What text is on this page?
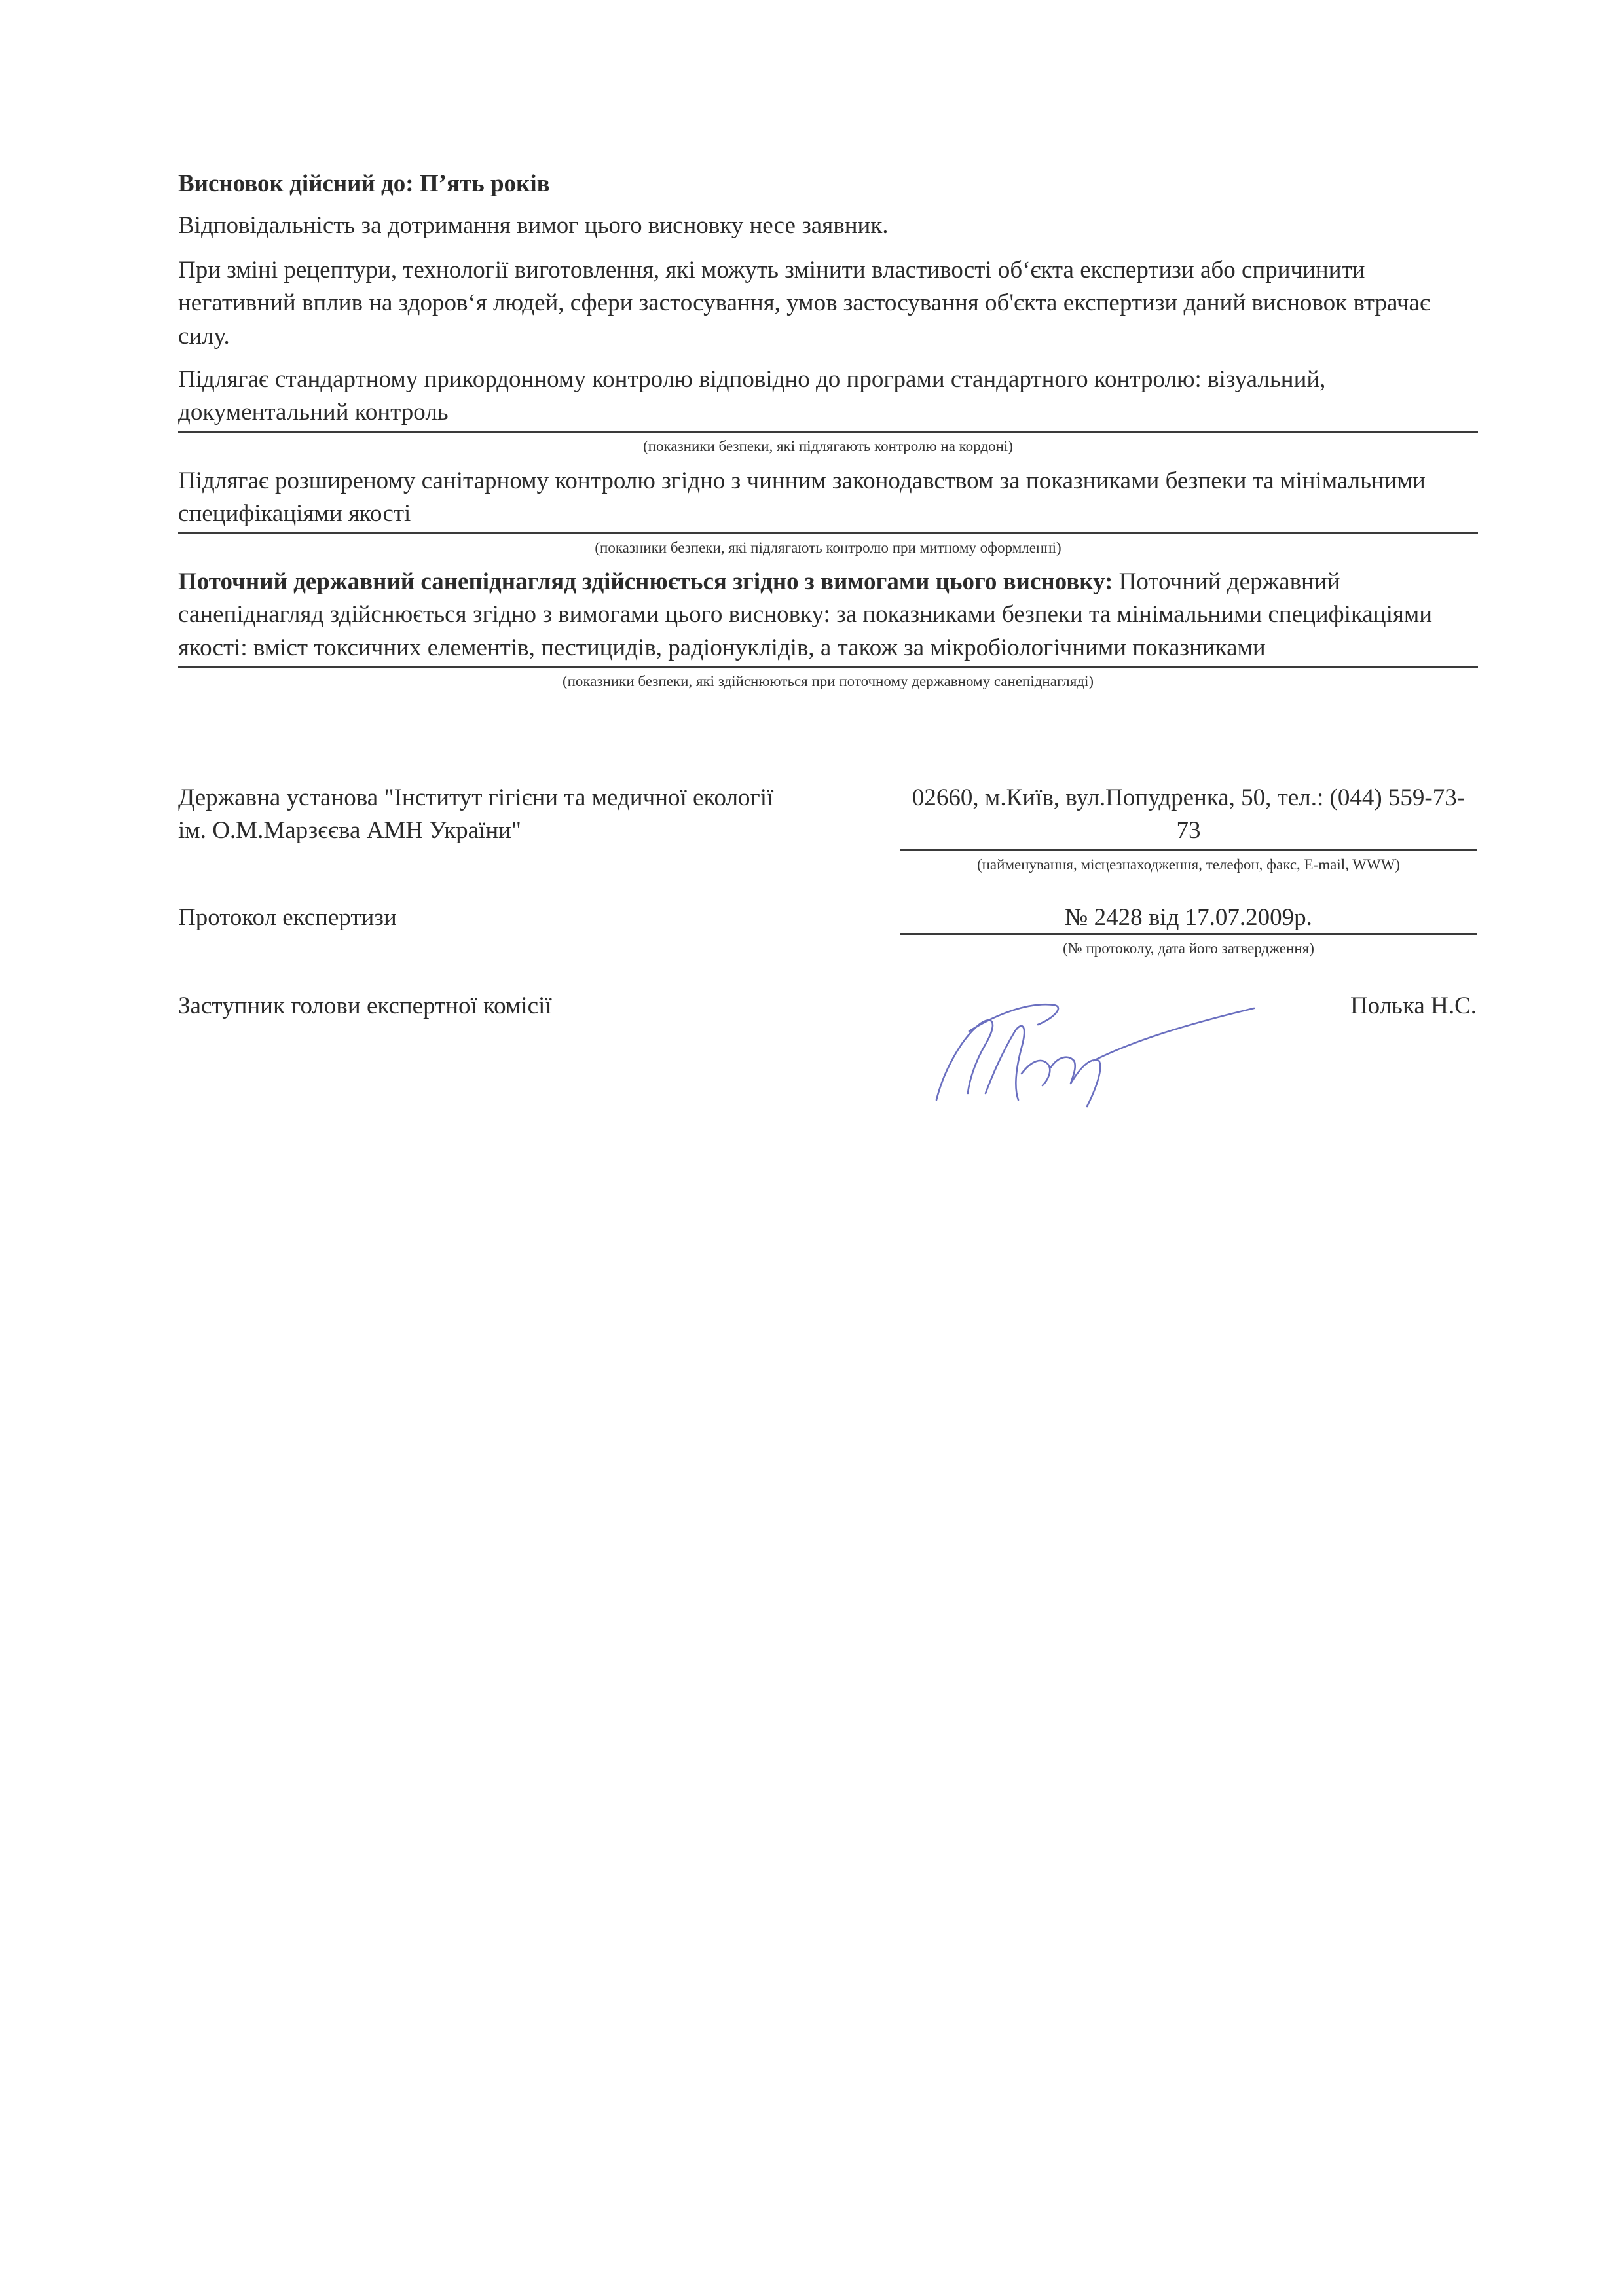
Висновок дійсний до: П’ять років
Відповідальність за дотримання вимог цього висновку несе заявник.
При зміні рецептури, технології виготовлення, які можуть змінити властивості об‘єкта експертизи або спричинити негативний вплив на здоров‘я людей, сфери застосування, умов застосування об'єкта експертизи даний висновок втрачає силу.
Підлягає стандартному прикордонному контролю відповідно до програми стандартного контролю: візуальний, документальний контроль
(показники безпеки, які підлягають контролю на кордоні)
Підлягає розширеному санітарному контролю згідно з чинним законодавством за показниками безпеки та мінімальними специфікаціями якості
(показники безпеки, які підлягають контролю при митному оформленні)
Поточний державний санепіднагляд здійснюється згідно з вимогами цього висновку: Поточний державний санепіднагляд здійснюється згідно з вимогами цього висновку: за показниками безпеки та мінімальними специфікаціями якості: вміст токсичних елементів, пестицидів, радіонуклідів, а також за мікробіологічними показниками
(показники безпеки, які здійснюються при поточному державному санепіднагляді)
Державна установа "Інститут гігієни та медичної екології ім. О.М.Марзєєва АМН України"
02660, м.Київ, вул.Попудренка, 50, тел.: (044) 559-73-73
(найменування, місцезнаходження, телефон, факс, E-mail, WWW)
Протокол експертизи	№ 2428 від 17.07.2009р.
(№ протоколу, дата його затвердження)
Заступник голови експертної комісії	Полька Н.С.
